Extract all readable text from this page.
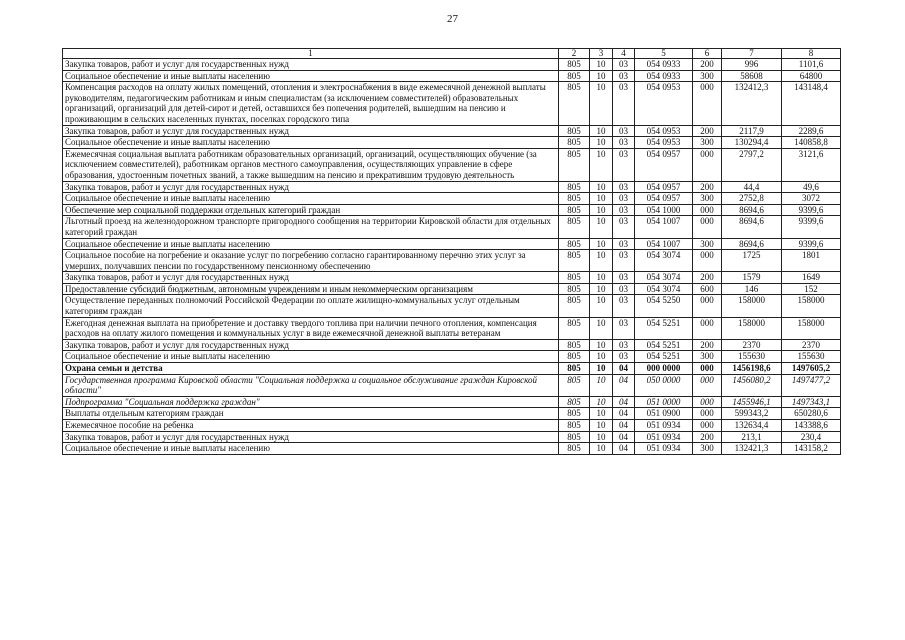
27
1	2	3	4	5	6	7	8
Закупка товаров, работ и услуг для государственных нужд	805	10	03	054 0933	200	996	1101,6
Социальное обеспечение и иные выплаты населению	805	10	03	054 0933	300	58608	64800
Компенсация расходов на оплату жилых помещений, отопления и электроснабжения в виде ежемесячной денежной выплаты руководителям, педагогическим работникам и иным специалистам (за исключением совместителей) образовательных организаций, организаций для детей-сирот и детей, оставшихся без попечения родителей, вышедшим на пенсию и проживающим в сельских населенных пунктах, поселках городского типа	805	10	03	054 0953	000	132412,3	143148,4
Закупка товаров, работ и услуг для государственных нужд	805	10	03	054 0953	200	2117,9	2289,6
Социальное обеспечение и иные выплаты населению	805	10	03	054 0953	300	130294,4	140858,8
Ежемесячная социальная выплата работникам образовательных организаций, организаций, осуществляющих обучение (за исключением совместителей), работникам органов местного самоуправления, осуществляющих управление в сфере образования, удостоенным почетных званий, а также вышедшим на пенсию и прекратившим трудовую деятельность	805	10	03	054 0957	000	2797,2	3121,6
Закупка товаров, работ и услуг для государственных нужд	805	10	03	054 0957	200	44,4	49,6
Социальное обеспечение и иные выплаты населению	805	10	03	054 0957	300	2752,8	3072
Обеспечение мер социальной поддержки отдельных категорий граждан	805	10	03	054 1000	000	8694,6	9399,6
Льготный проезд на железнодорожном транспорте пригородного сообщения на территории Кировской области для отдельных категорий граждан	805	10	03	054 1007	000	8694,6	9399,6
Социальное обеспечение и иные выплаты населению	805	10	03	054 1007	300	8694,6	9399,6
Социальное пособие на погребение и оказание услуг по погребению согласно гарантированному перечню этих услуг за умерших, получавших пенсии по государственному пенсионному обеспечению	805	10	03	054 3074	000	1725	1801
Закупка товаров, работ и услуг для государственных нужд	805	10	03	054 3074	200	1579	1649
Предоставление субсидий бюджетным, автономным учреждениям и иным некоммерческим организациям	805	10	03	054 3074	600	146	152
Осуществление переданных полномочий Российской Федерации по оплате жилищно-коммунальных услуг отдельным категориям граждан	805	10	03	054 5250	000	158000	158000
Ежегодная денежная выплата на приобретение и доставку твердого топлива при наличии печного отопления, компенсация расходов на оплату жилого помещения и коммунальных услуг в виде ежемесячной денежной выплаты ветеранам	805	10	03	054 5251	000	158000	158000
Закупка товаров, работ и услуг для государственных нужд	805	10	03	054 5251	200	2370	2370
Социальное обеспечение и иные выплаты населению	805	10	03	054 5251	300	155630	155630
Охрана семьи и детства	805	10	04	000 0000	000	1456198,6	1497605,2
Государственная программа Кировской области "Социальная поддержка и социальное обслуживание граждан Кировской области"	805	10	04	050 0000	000	1456080,2	1497477,2
Подпрограмма "Социальная поддержка граждан"	805	10	04	051 0000	000	1455946,1	1497343,1
Выплаты отдельным категориям граждан	805	10	04	051 0900	000	599343,2	650280,6
Ежемесячное пособие на ребенка	805	10	04	051 0934	000	132634,4	143388,6
Закупка товаров, работ и услуг для государственных нужд	805	10	04	051 0934	200	213,1	230,4
Социальное обеспечение и иные выплаты населению	805	10	04	051 0934	300	132421,3	143158,2
